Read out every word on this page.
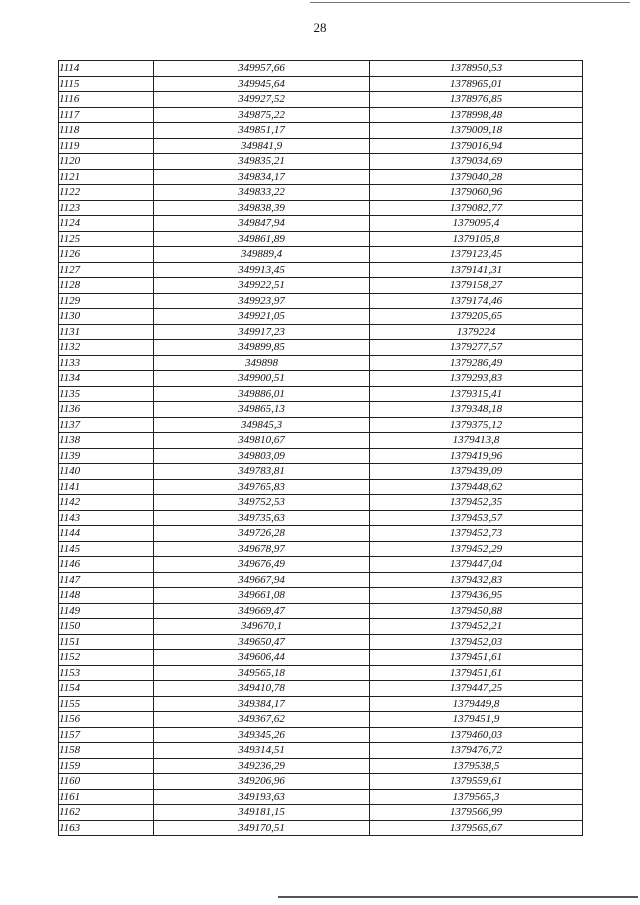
28
1114	349957,66	1378950,53
1115	349945,64	1378965,01
1116	349927,52	1378976,85
1117	349875,22	1378998,48
1118	349851,17	1379009,18
1119	349841,9	1379016,94
1120	349835,21	1379034,69
1121	349834,17	1379040,28
1122	349833,22	1379060,96
1123	349838,39	1379082,77
1124	349847,94	1379095,4
1125	349861,89	1379105,8
1126	349889,4	1379123,45
1127	349913,45	1379141,31
1128	349922,51	1379158,27
1129	349923,97	1379174,46
1130	349921,05	1379205,65
1131	349917,23	1379224
1132	349899,85	1379277,57
1133	349898	1379286,49
1134	349900,51	1379293,83
1135	349886,01	1379315,41
1136	349865,13	1379348,18
1137	349845,3	1379375,12
1138	349810,67	1379413,8
1139	349803,09	1379419,96
1140	349783,81	1379439,09
1141	349765,83	1379448,62
1142	349752,53	1379452,35
1143	349735,63	1379453,57
1144	349726,28	1379452,73
1145	349678,97	1379452,29
1146	349676,49	1379447,04
1147	349667,94	1379432,83
1148	349661,08	1379436,95
1149	349669,47	1379450,88
1150	349670,1	1379452,21
1151	349650,47	1379452,03
1152	349606,44	1379451,61
1153	349565,18	1379451,61
1154	349410,78	1379447,25
1155	349384,17	1379449,8
1156	349367,62	1379451,9
1157	349345,26	1379460,03
1158	349314,51	1379476,72
1159	349236,29	1379538,5
1160	349206,96	1379559,61
1161	349193,63	1379565,3
1162	349181,15	1379566,99
1163	349170,51	1379565,67
